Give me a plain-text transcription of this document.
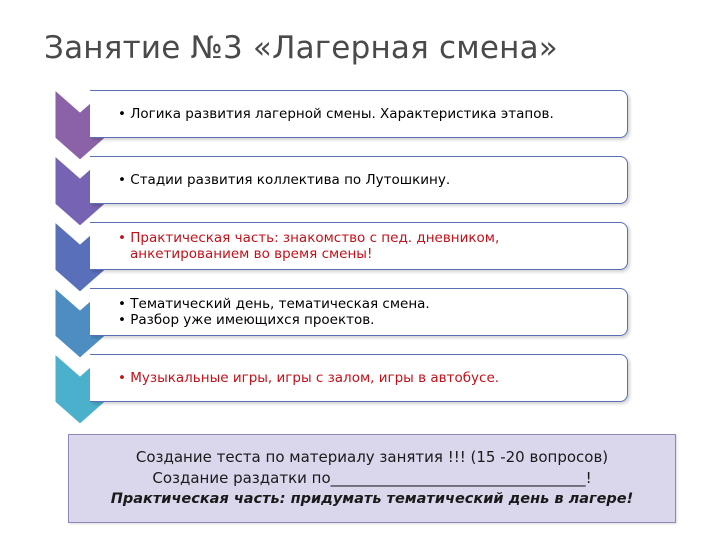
Занятие №3 «Лагерная смена»
• Логика развития лагерной смены. Характеристика этапов.
• Стадии развития коллектива по Лутошкину.
• Практическая часть: знакомство с пед. дневником, анкетированием во время смены!
• Тематический день, тематическая смена.
• Разбор уже имеющихся проектов.
• Музыкальные игры, игры с залом, игры в автобусе.
Создание теста по материалу занятия !!! (15 -20 вопросов)
Создание раздатки по__________________________________!
Практическая часть: придумать тематический день в лагере!
